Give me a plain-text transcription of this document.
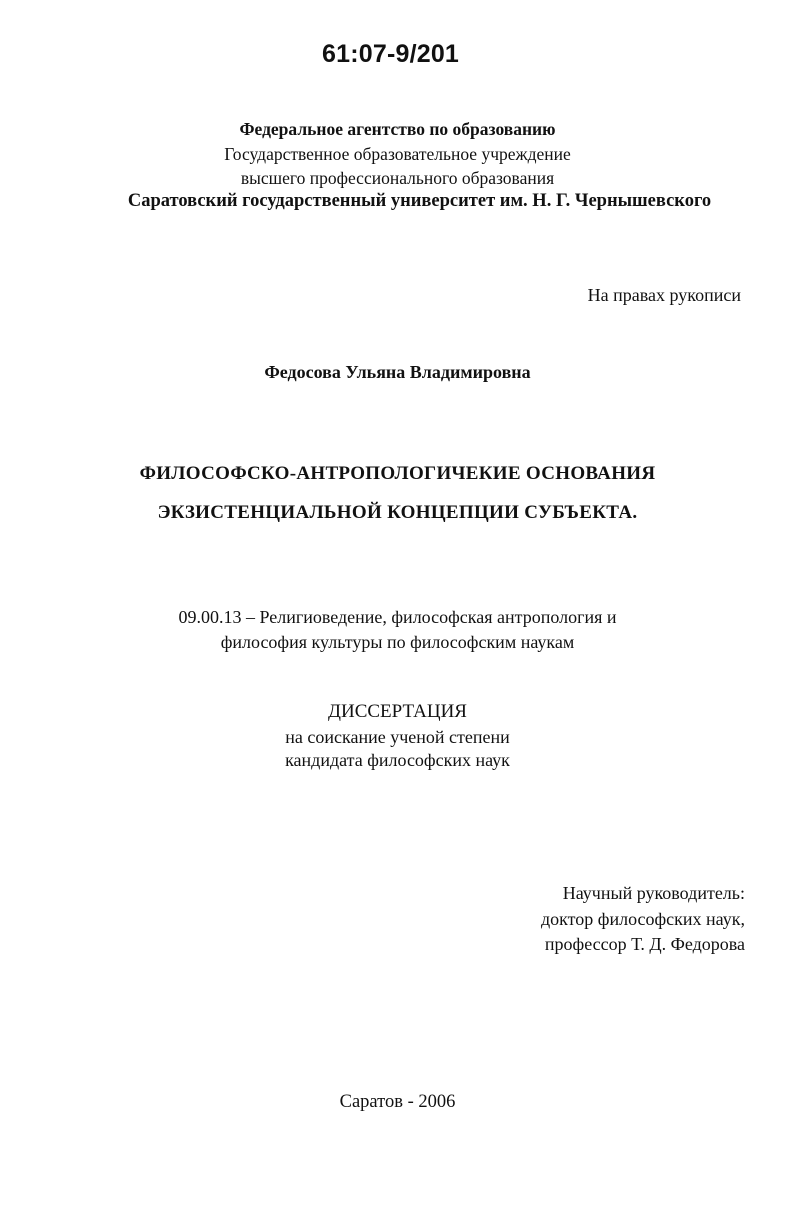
61:07-9/201
Федеральное агентство по образованию
Государственное образовательное учреждение
высшего профессионального образования
Саратовский государственный университет им. Н. Г. Чернышевского
На правах рукописи
Федосова Ульяна Владимировна
ФИЛОСОФСКО-АНТРОПОЛОГИЧЕКИЕ ОСНОВАНИЯ
ЭКЗИСТЕНЦИАЛЬНОЙ КОНЦЕПЦИИ СУБЪЕКТА.
09.00.13 – Религиоведение, философская антропология и
философия культуры по философским наукам
ДИССЕРТАЦИЯ
на соискание ученой степени
кандидата философских наук
Научный руководитель:
доктор философских наук,
профессор Т. Д. Федорова
Саратов - 2006
